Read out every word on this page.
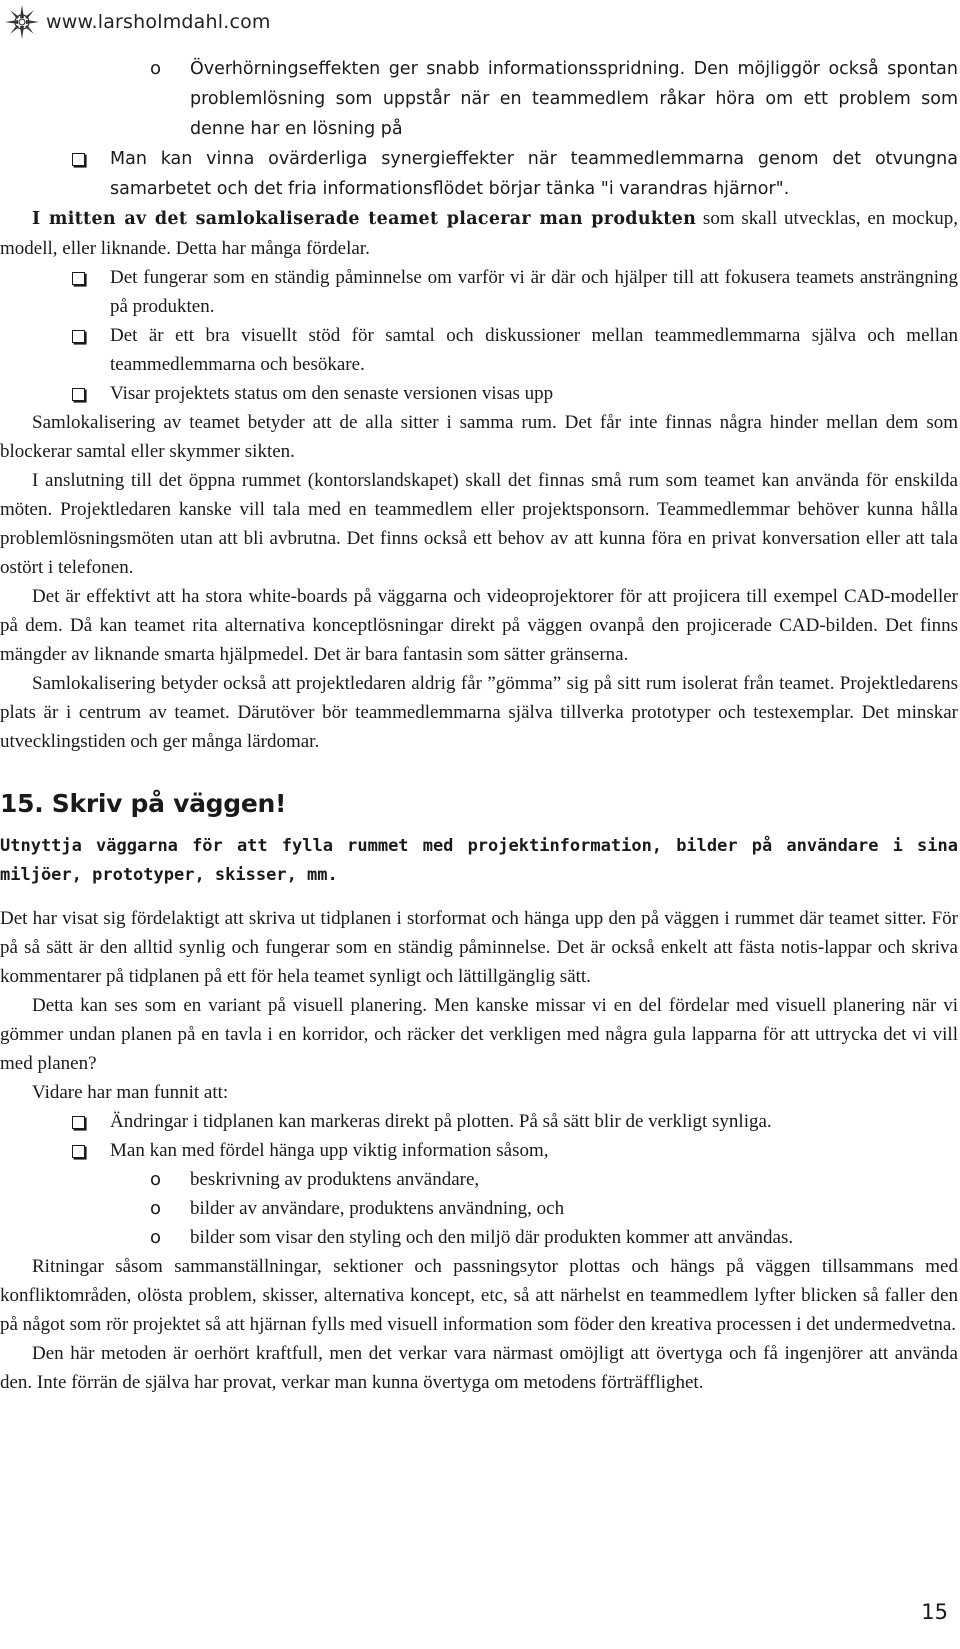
www.larsholmdahl.com
o Överhörningseffekten ger snabb informationsspridning. Den möjliggör också spontan problemlösning som uppstår när en teammedlem råkar höra om ett problem som denne har en lösning på
Man kan vinna ovärderliga synergieffekter när teammedlemmarna genom det otvungna samarbetet och det fria informationsflödet börjar tänka "i varandras hjärnor".

I mitten av det samlokaliserade teamet placerar man produkten som skall utvecklas, en mockup, modell, eller liknande. Detta har många fördelar.

Det fungerar som en ständig påminnelse om varför vi är där och hjälper till att fokusera teamets ansträngning på produkten.
Det är ett bra visuellt stöd för samtal och diskussioner mellan teammedlemmarna själva och mellan teammedlemmarna och besökare.
Visar projektets status om den senaste versionen visas upp

Samlokalisering av teamet betyder att de alla sitter i samma rum. Det får inte finnas några hinder mellan dem som blockerar samtal eller skymmer sikten.

I anslutning till det öppna rummet (kontorslandskapet) skall det finnas små rum som teamet kan använda för enskilda möten. Projektledaren kanske vill tala med en teammedlem eller projektsponsorn. Teammedlemmar behöver kunna hålla problemlösningsmöten utan att bli avbrutna. Det finns också ett behov av att kunna föra en privat konversation eller att tala ostört i telefonen.

Det är effektivt att ha stora white-boards på väggarna och videoprojektorer för att projicera till exempel CAD-modeller på dem. Då kan teamet rita alternativa konceptlösningar direkt på väggen ovanpå den projicerade CAD-bilden. Det finns mängder av liknande smarta hjälpmedel. Det är bara fantasin som sätter gränserna.

Samlokalisering betyder också att projektledaren aldrig får ”gömma” sig på sitt rum isolerat från teamet. Projektledarens plats är i centrum av teamet. Därutöver bör teammedlemmarna själva tillverka prototyper och testexemplar. Det minskar utvecklingstiden och ger många lärdomar.

15. Skriv på väggen!
Utnyttja väggarna för att fylla rummet med projektinformation, bilder på användare i sina miljöer, prototyper, skisser, mm.

Det har visat sig fördelaktigt att skriva ut tidplanen i storformat och hänga upp den på väggen i rummet där teamet sitter. För på så sätt är den alltid synlig och fungerar som en ständig påminnelse. Det är också enkelt att fästa notis-lappar och skriva kommentarer på tidplanen på ett för hela teamet synligt och lättillgänglig sätt.

Detta kan ses som en variant på visuell planering. Men kanske missar vi en del fördelar med visuell planering när vi gömmer undan planen på en tavla i en korridor, och räcker det verkligen med några gula lapparna för att uttrycka det vi vill med planen?

Vidare har man funnit att:

Ändringar i tidplanen kan markeras direkt på plotten. På så sätt blir de verkligt synliga.
Man kan med fördel hänga upp viktig information såsom,
o beskrivning av produktens användare,
o bilder av användare, produktens användning, och
o bilder som visar den styling och den miljö där produkten kommer att användas.

Ritningar såsom sammanställningar, sektioner och passningsytor plottas och hängs på väggen tillsammans med konfliktområden, olösta problem, skisser, alternativa koncept, etc, så att närhelst en teammedlem lyfter blicken så faller den på något som rör projektet så att hjärnan fylls med visuell information som föder den kreativa processen i det undermedvetna.

Den här metoden är oerhört kraftfull, men det verkar vara närmast omöjligt att övertyga och få ingenjörer att använda den. Inte förrän de själva har provat, verkar man kunna övertyga om metodens förträfflighet.

15
